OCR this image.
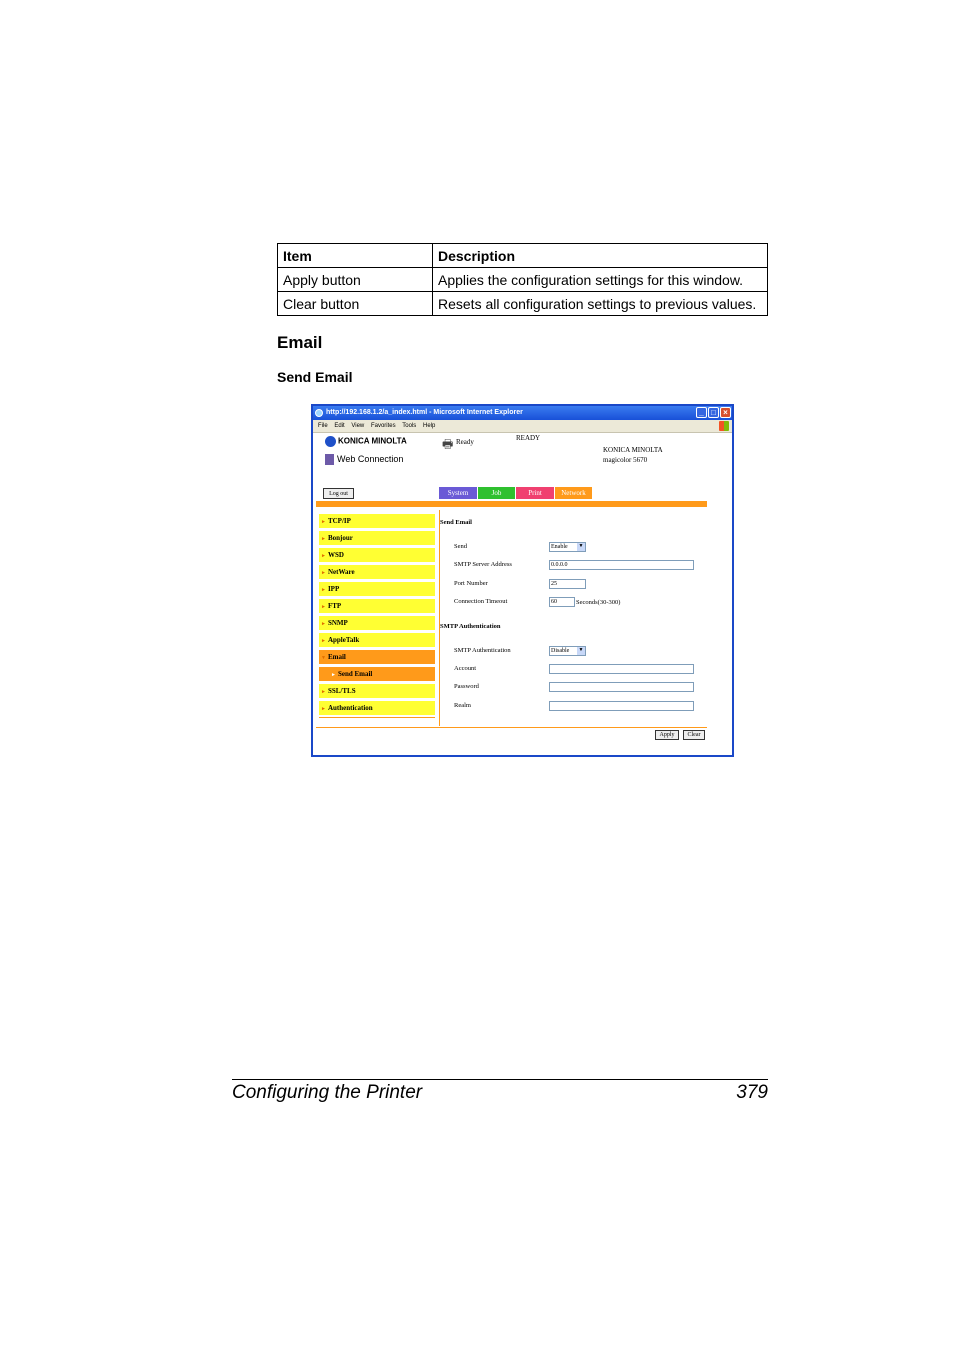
Item	Description
Apply button	Applies the configuration settings for this window.
Clear button	Resets all configuration settings to previous values.
Email
Send Email
http://192.168.1.2/a_index.html - Microsoft Internet Explorer	_ □ ×
File Edit View Favorites Tools Help
KONICA MINOLTA
Web Connection
🖶 Ready	READY
KONICA MINOLTA
magicolor 5670
Log out	System	Job	Print	Network
► TCP/IP
► Bonjour
► WSD
► NetWare
► IPP
► FTP
► SNMP
► AppleTalk
▼ Email
► Send Email
► SSL/TLS
► Authentication
Send Email
Send	Enable	▼
SMTP Server Address	0.0.0.0
Port Number	25
Connection Timeout	60	Seconds(30-300)
SMTP Authentication
SMTP Authentication	Disable	▼
Account
Password
Realm
Apply	Clear
Configuring the Printer	379
